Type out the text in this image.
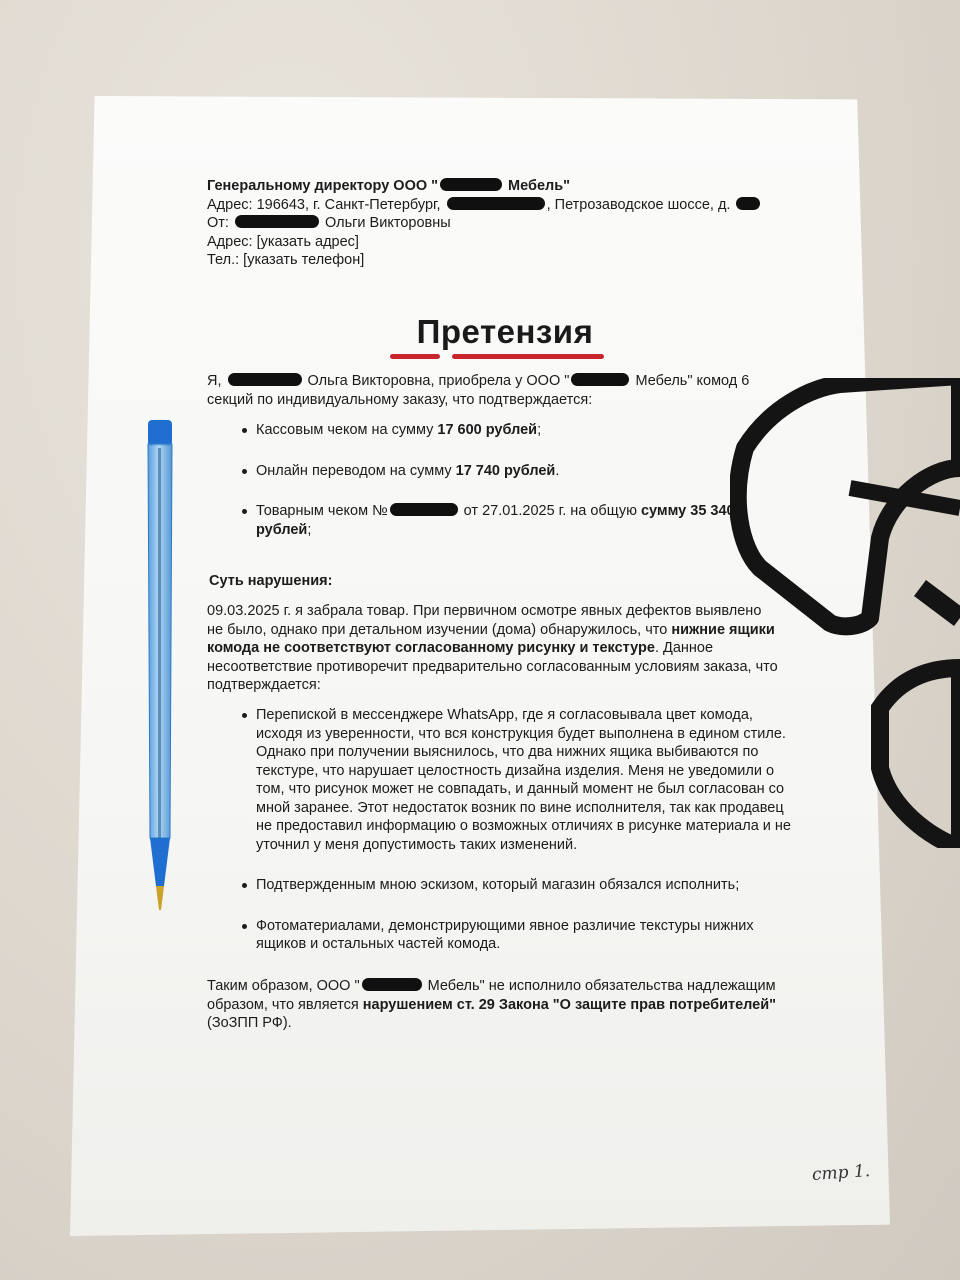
Генеральному директору ООО "	Мебель"
Адрес: 196643, г. Санкт-Петербург,	, Петрозаводское шоссе, д.
От:	Ольги Викторовны
Адрес: [указать адрес]
Тел.: [указать телефон]
Претензия
Я,	Ольга Викторовна, приобрела у ООО "	Мебель" комод 6
секций по индивидуальному заказу, что подтверждается:
Кассовым чеком на сумму 17 600 рублей;
Онлайн переводом на сумму 17 740 рублей.
Товарным чеком №	от 27.01.2025 г. на общую сумму 35 340
рублей;
Суть нарушения:
09.03.2025 г. я забрала товар. При первичном осмотре явных дефектов выявлено
не было, однако при детальном изучении (дома) обнаружилось, что нижние ящики комода не соответствуют согласованному рисунку и текстуре. Данное несоответствие противоречит предварительно согласованным условиям заказа, что подтверждается:
Перепиской в мессенджере WhatsApp, где я согласовывала цвет комода, исходя из уверенности, что вся конструкция будет выполнена в едином стиле. Однако при получении выяснилось, что два нижних ящика выбиваются по текстуре, что нарушает целостность дизайна изделия. Меня не уведомили о том, что рисунок может не совпадать, и данный момент не был согласован со мной заранее. Этот недостаток возник по вине исполнителя, так как продавец не предоставил информацию о возможных отличиях в рисунке материала и не уточнил у меня допустимость таких изменений.
Подтвержденным мною эскизом, который магазин обязался исполнить;
Фотоматериалами, демонстрирующими явное различие текстуры нижних ящиков и остальных частей комода.
Таким образом, ООО "	Мебель" не исполнило обязательства надлежащим образом, что является нарушением ст. 29 Закона "О защите прав потребителей" (ЗоЗПП РФ).
стр 1.
